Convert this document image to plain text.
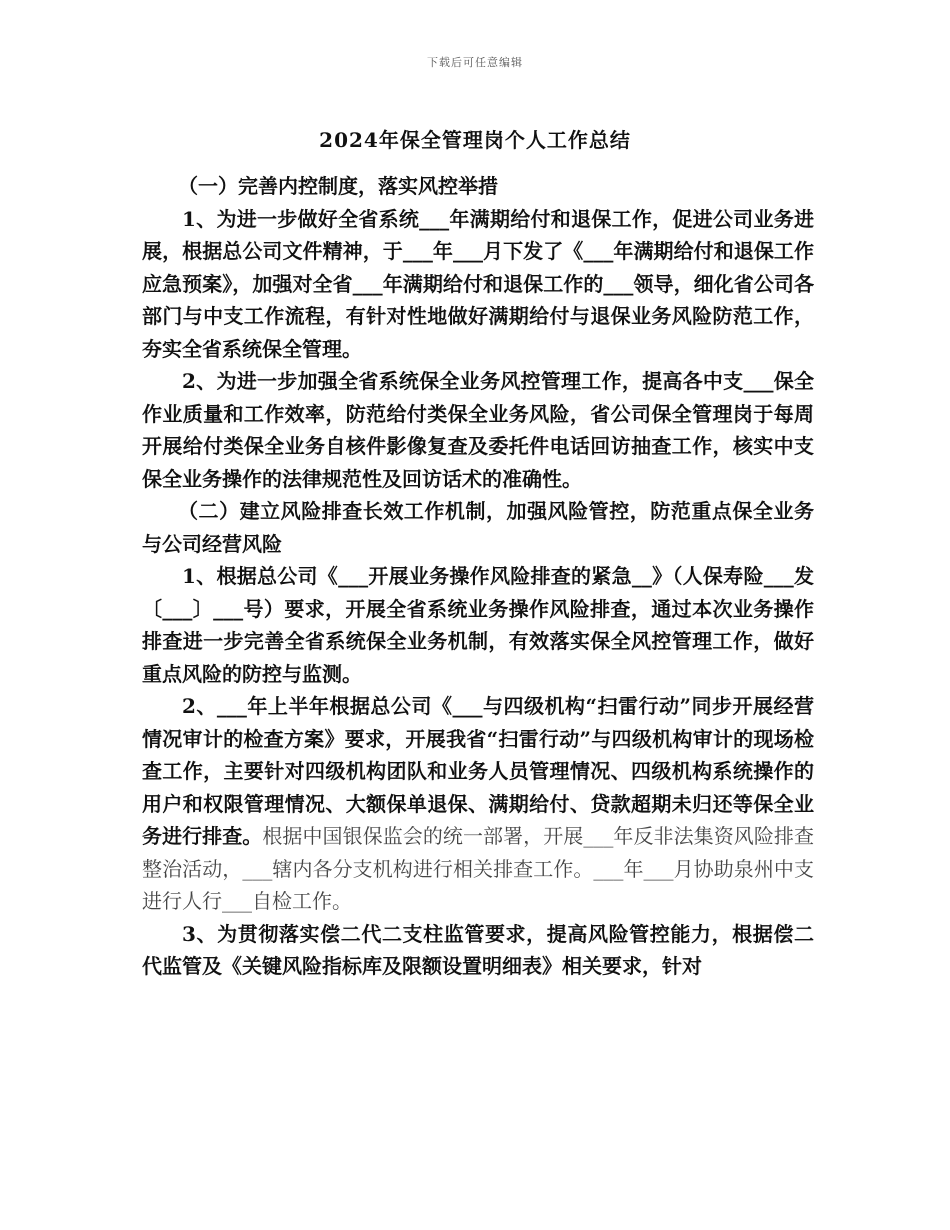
下载后可任意编辑
2024年保全管理岗个人工作总结

（一）完善内控制度，落实风控举措

1、为进一步做好全省系统___年满期给付和退保工作，促进公司业务进展，根据总公司文件精神，于___年___月下发了《___年满期给付和退保工作应急预案》，加强对全省___年满期给付和退保工作的___领导，细化省公司各部门与中支工作流程，有针对性地做好满期给付与退保业务风险防范工作，夯实全省系统保全管理。

2、为进一步加强全省系统保全业务风控管理工作，提高各中支___保全作业质量和工作效率，防范给付类保全业务风险，省公司保全管理岗于每周开展给付类保全业务自核件影像复查及委托件电话回访抽查工作，核实中支保全业务操作的法律规范性及回访话术的准确性。

（二）建立风险排查长效工作机制，加强风险管控，防范重点保全业务与公司经营风险

1、根据总公司《___开展业务操作风险排查的紧急__》（人保寿险___发〔___〕___号）要求，开展全省系统业务操作风险排查，通过本次业务操作排查进一步完善全省系统保全业务机制，有效落实保全风控管理工作，做好重点风险的防控与监测。

2、___年上半年根据总公司《___与四级机构“扫雷行动”同步开展经营情况审计的检查方案》要求，开展我省“扫雷行动”与四级机构审计的现场检查工作，主要针对四级机构团队和业务人员管理情况、四级机构系统操作的用户和权限管理情况、大额保单退保、满期给付、贷款超期未归还等保全业务进行排查。根据中国银保监会的统一部署，开展___年反非法集资风险排查整治活动，___辖内各分支机构进行相关排查工作。___年___月协助泉州中支进行人行___自检工作。

3、为贯彻落实偿二代二支柱监管要求，提高风险管控能力，根据偿二代监管及《关键风险指标库及限额设置明细表》相关要求，针对
